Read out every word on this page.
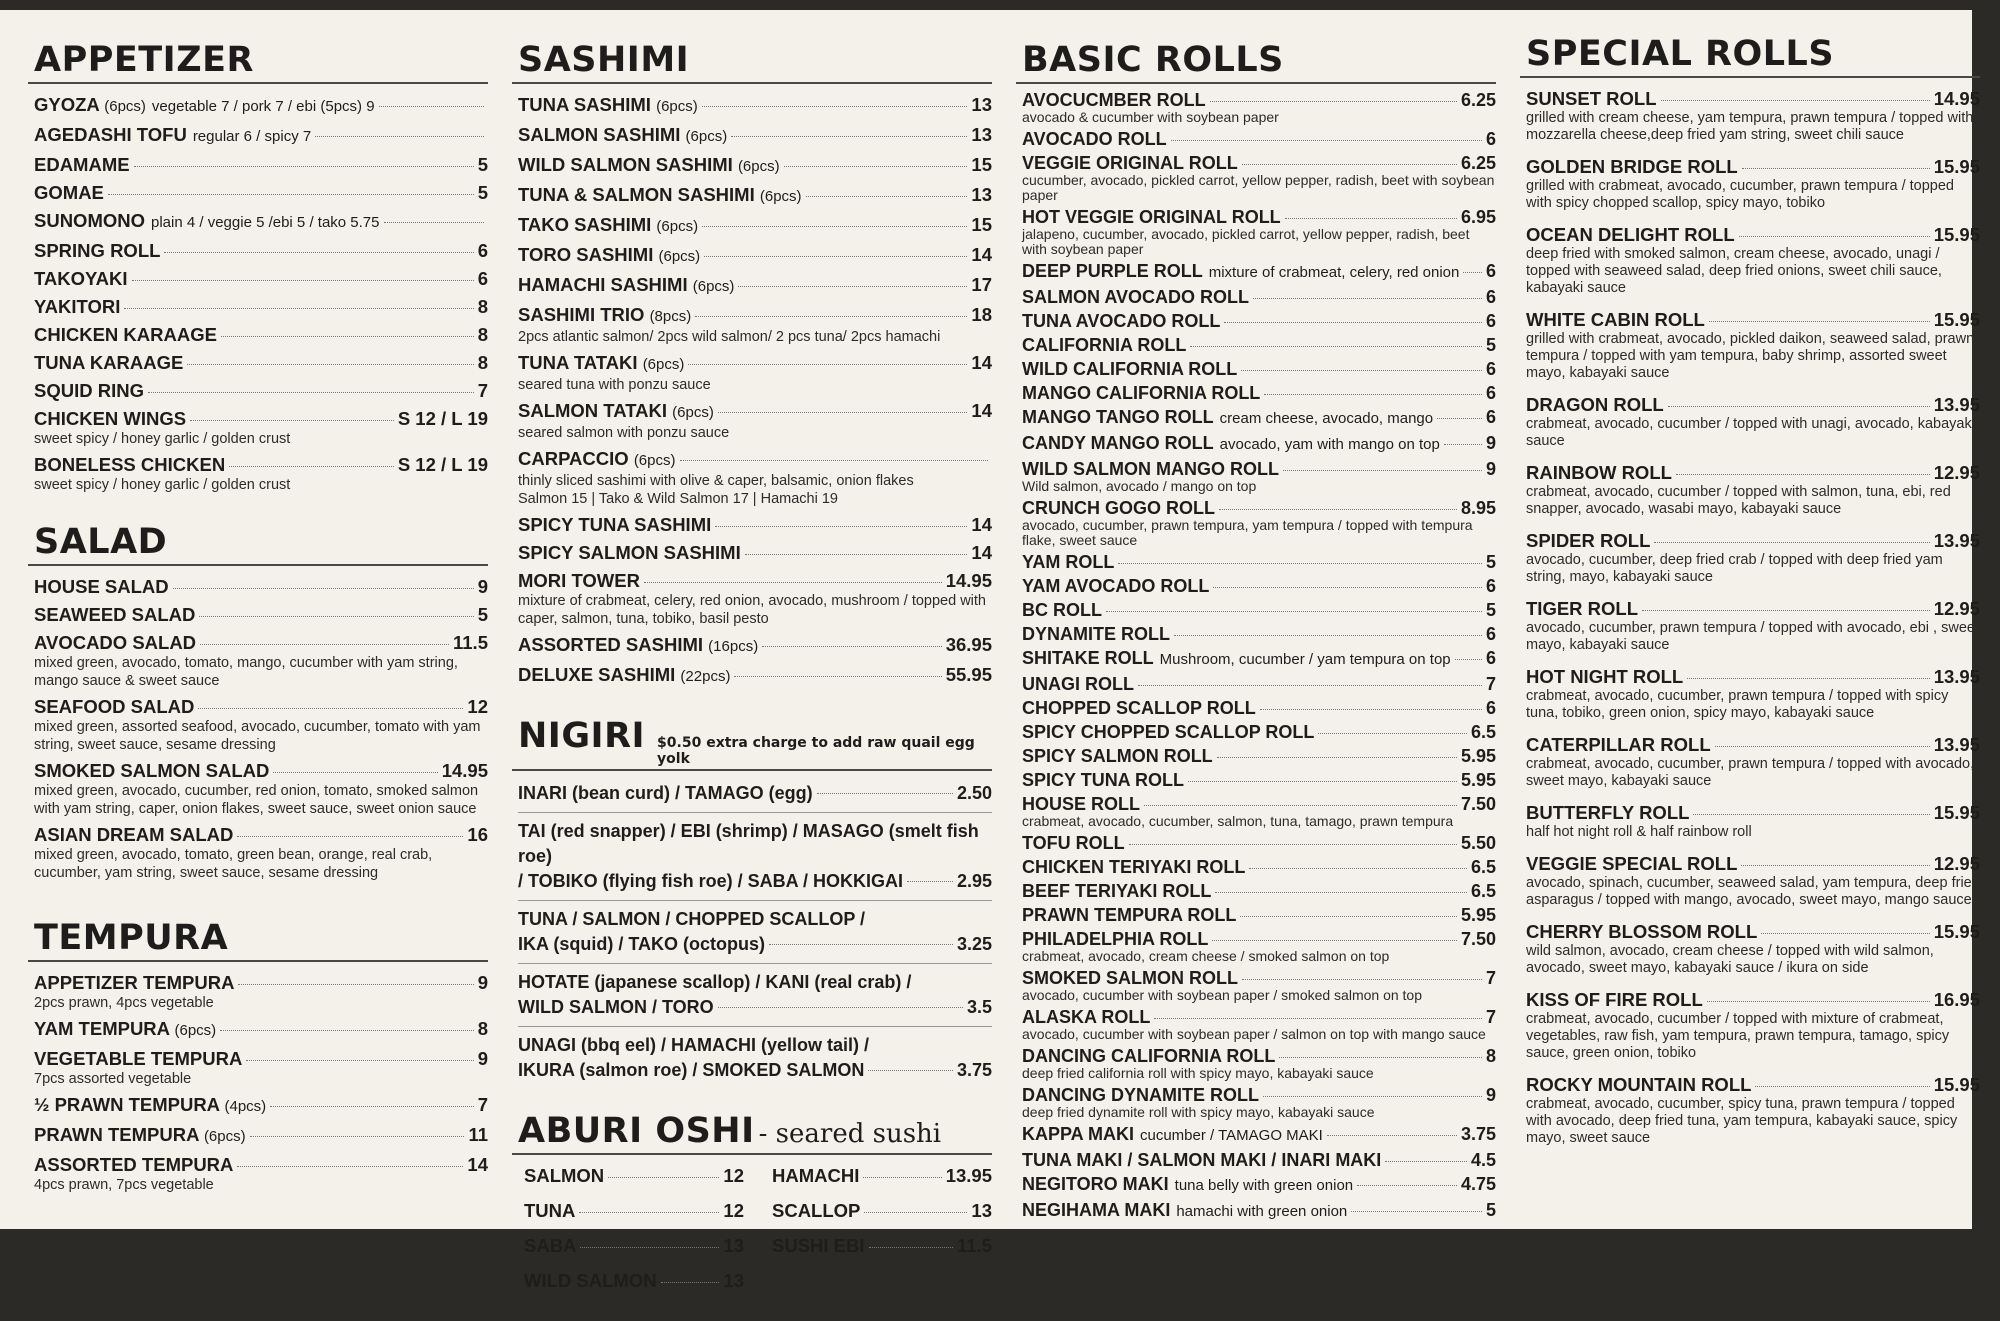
APPETIZER
GYOZA (6pcs) vegetable 7 / pork 7 / ebi (5pcs) 9
AGEDASHI TOFU regular 6 / spicy 7
EDAMAME	5
GOMAE	5
SUNOMONO plain 4 / veggie 5 /ebi 5 / tako 5.75
SPRING ROLL	6
TAKOYAKI	6
YAKITORI	8
CHICKEN KARAAGE	8
TUNA KARAAGE	8
SQUID RING	7
CHICKEN WINGS	S 12 / L 19
sweet spicy / honey garlic / golden crust
BONELESS CHICKEN	S 12 / L 19
sweet spicy / honey garlic / golden crust
SALAD
HOUSE SALAD	9
SEAWEED SALAD	5
AVOCADO SALAD	11.5
mixed green, avocado, tomato, mango, cucumber with yam string, mango sauce & sweet sauce
SEAFOOD SALAD	12
mixed green, assorted seafood, avocado, cucumber, tomato with yam string, sweet sauce, sesame dressing
SMOKED SALMON SALAD	14.95
mixed green, avocado, cucumber, red onion, tomato, smoked salmon with yam string, caper, onion flakes, sweet sauce, sweet onion sauce
ASIAN DREAM SALAD	16
mixed green, avocado, tomato, green bean, orange, real crab, cucumber, yam string, sweet sauce, sesame dressing
TEMPURA
APPETIZER TEMPURA	9
2pcs prawn, 4pcs vegetable
YAM TEMPURA (6pcs)	8
VEGETABLE TEMPURA	9
7pcs assorted vegetable
½ PRAWN TEMPURA (4pcs)	7
PRAWN TEMPURA (6pcs)	11
ASSORTED TEMPURA	14
4pcs prawn, 7pcs vegetable
SASHIMI
TUNA SASHIMI (6pcs)	13
SALMON SASHIMI (6pcs)	13
WILD SALMON SASHIMI (6pcs)	15
TUNA & SALMON SASHIMI (6pcs)	13
TAKO SASHIMI (6pcs)	15
TORO SASHIMI (6pcs)	14
HAMACHI SASHIMI (6pcs)	17
SASHIMI TRIO (8pcs)	18
2pcs atlantic salmon/ 2pcs wild salmon/ 2 pcs tuna/ 2pcs hamachi
TUNA TATAKI (6pcs)	14
seared tuna with ponzu sauce
SALMON TATAKI (6pcs)	14
seared salmon with ponzu sauce
CARPACCIO (6pcs)
thinly sliced sashimi with olive & caper, balsamic, onion flakes
Salmon 15 | Tako & Wild Salmon 17 | Hamachi 19
SPICY TUNA SASHIMI	14
SPICY SALMON SASHIMI	14
MORI TOWER	14.95
mixture of crabmeat, celery, red onion, avocado, mushroom / topped with caper, salmon, tuna, tobiko, basil pesto
ASSORTED SASHIMI (16pcs)	36.95
DELUXE SASHIMI (22pcs)	55.95
NIGIRI $0.50 extra charge to add raw quail egg yolk
INARI (bean curd) / TAMAGO (egg)	2.50
TAI (red snapper) / EBI (shrimp) / MASAGO (smelt fish roe)
/ TOBIKO (flying fish roe) / SABA / HOKKIGAI	2.95
TUNA / SALMON / CHOPPED SCALLOP /
IKA (squid) / TAKO (octopus)	3.25
HOTATE (japanese scallop) / KANI (real crab) /
WILD SALMON / TORO	3.5
UNAGI (bbq eel) / HAMACHI (yellow tail) /
IKURA (salmon roe) / SMOKED SALMON	3.75
ABURI OSHI - seared sushi
SALMON	12 HAMACHI	13.95
TUNA	12 SCALLOP	13
SABA	13 SUSHI EBI	11.5
WILD SALMON	13
BASIC ROLLS
AVOCUCMBER ROLL	6.25
avocado & cucumber with soybean paper
AVOCADO ROLL	6
VEGGIE ORIGINAL ROLL	6.25
cucumber, avocado, pickled carrot, yellow pepper, radish, beet with soybean paper
HOT VEGGIE ORIGINAL ROLL	6.95
jalapeno, cucumber, avocado, pickled carrot, yellow pepper, radish, beet with soybean paper
DEEP PURPLE ROLL mixture of crabmeat, celery, red onion 6
SALMON AVOCADO ROLL	6
TUNA AVOCADO ROLL	6
CALIFORNIA ROLL	5
WILD CALIFORNIA ROLL	6
MANGO CALIFORNIA ROLL	6
MANGO TANGO ROLL cream cheese, avocado, mango	6
CANDY MANGO ROLL avocado, yam with mango on top	9
WILD SALMON MANGO ROLL	9
Wild salmon, avocado / mango on top
CRUNCH GOGO ROLL	8.95
avocado, cucumber, prawn tempura, yam tempura / topped with tempura flake, sweet sauce
YAM ROLL	5
YAM AVOCADO ROLL	6
BC ROLL	5
DYNAMITE ROLL	6
SHITAKE ROLL Mushroom, cucumber / yam tempura on top 6
UNAGI ROLL	7
CHOPPED SCALLOP ROLL	6
SPICY CHOPPED SCALLOP ROLL	6.5
SPICY SALMON ROLL	5.95
SPICY TUNA ROLL	5.95
HOUSE ROLL	7.50
crabmeat, avocado, cucumber, salmon, tuna, tamago, prawn tempura
TOFU ROLL	5.50
CHICKEN TERIYAKI ROLL	6.5
BEEF TERIYAKI ROLL	6.5
PRAWN TEMPURA ROLL	5.95
PHILADELPHIA ROLL	7.50
crabmeat, avocado, cream cheese / smoked salmon on top
SMOKED SALMON ROLL	7
avocado, cucumber with soybean paper / smoked salmon on top
ALASKA ROLL	7
avocado, cucumber with soybean paper / salmon on top with mango sauce
DANCING CALIFORNIA ROLL	8
deep fried california roll with spicy mayo, kabayaki sauce
DANCING DYNAMITE ROLL	9
deep fried dynamite roll with spicy mayo, kabayaki sauce
KAPPA MAKI cucumber / TAMAGO MAKI	3.75
TUNA MAKI / SALMON MAKI / INARI MAKI	4.5
NEGITORO MAKI tuna belly with green onion	4.75
NEGIHAMA MAKI hamachi with green onion	5
SPECIAL ROLLS
SUNSET ROLL	14.95
grilled with cream cheese, yam tempura, prawn tempura / topped with mozzarella cheese,deep fried yam string, sweet chili sauce
GOLDEN BRIDGE ROLL	15.95
grilled with crabmeat, avocado, cucumber, prawn tempura / topped with spicy chopped scallop, spicy mayo, tobiko
OCEAN DELIGHT ROLL	15.95
deep fried with smoked salmon, cream cheese, avocado, unagi / topped with seaweed salad, deep fried onions, sweet chili sauce, kabayaki sauce
WHITE CABIN ROLL	15.95
grilled with crabmeat, avocado, pickled daikon, seaweed salad, prawn tempura / topped with yam tempura, baby shrimp, assorted sweet mayo, kabayaki sauce
DRAGON ROLL	13.95
crabmeat, avocado, cucumber / topped with unagi, avocado, kabayaki sauce
RAINBOW ROLL	12.95
crabmeat, avocado, cucumber / topped with salmon, tuna, ebi, red snapper, avocado, wasabi mayo, kabayaki sauce
SPIDER ROLL	13.95
avocado, cucumber, deep fried crab / topped with deep fried yam string, mayo, kabayaki sauce
TIGER ROLL	12.95
avocado, cucumber, prawn tempura / topped with avocado, ebi , sweet mayo, kabayaki sauce
HOT NIGHT ROLL	13.95
crabmeat, avocado, cucumber, prawn tempura / topped with spicy tuna, tobiko, green onion, spicy mayo, kabayaki sauce
CATERPILLAR ROLL	13.95
crabmeat, avocado, cucumber, prawn tempura / topped with avocado, sweet mayo, kabayaki sauce
BUTTERFLY ROLL	15.95
half hot night roll & half rainbow roll
VEGGIE SPECIAL ROLL	12.95
avocado, spinach, cucumber, seaweed salad, yam tempura, deep fried asparagus / topped with mango, avocado, sweet mayo, mango sauce
CHERRY BLOSSOM ROLL	15.95
wild salmon, avocado, cream cheese / topped with wild salmon, avocado, sweet mayo, kabayaki sauce / ikura on side
KISS OF FIRE ROLL	16.95
crabmeat, avocado, cucumber / topped with mixture of crabmeat, vegetables, raw fish, yam tempura, prawn tempura, tamago, spicy sauce, green onion, tobiko
ROCKY MOUNTAIN ROLL	15.95
crabmeat, avocado, cucumber, spicy tuna, prawn tempura / topped with avocado, deep fried tuna, yam tempura, kabayaki sauce, spicy mayo, sweet sauce
